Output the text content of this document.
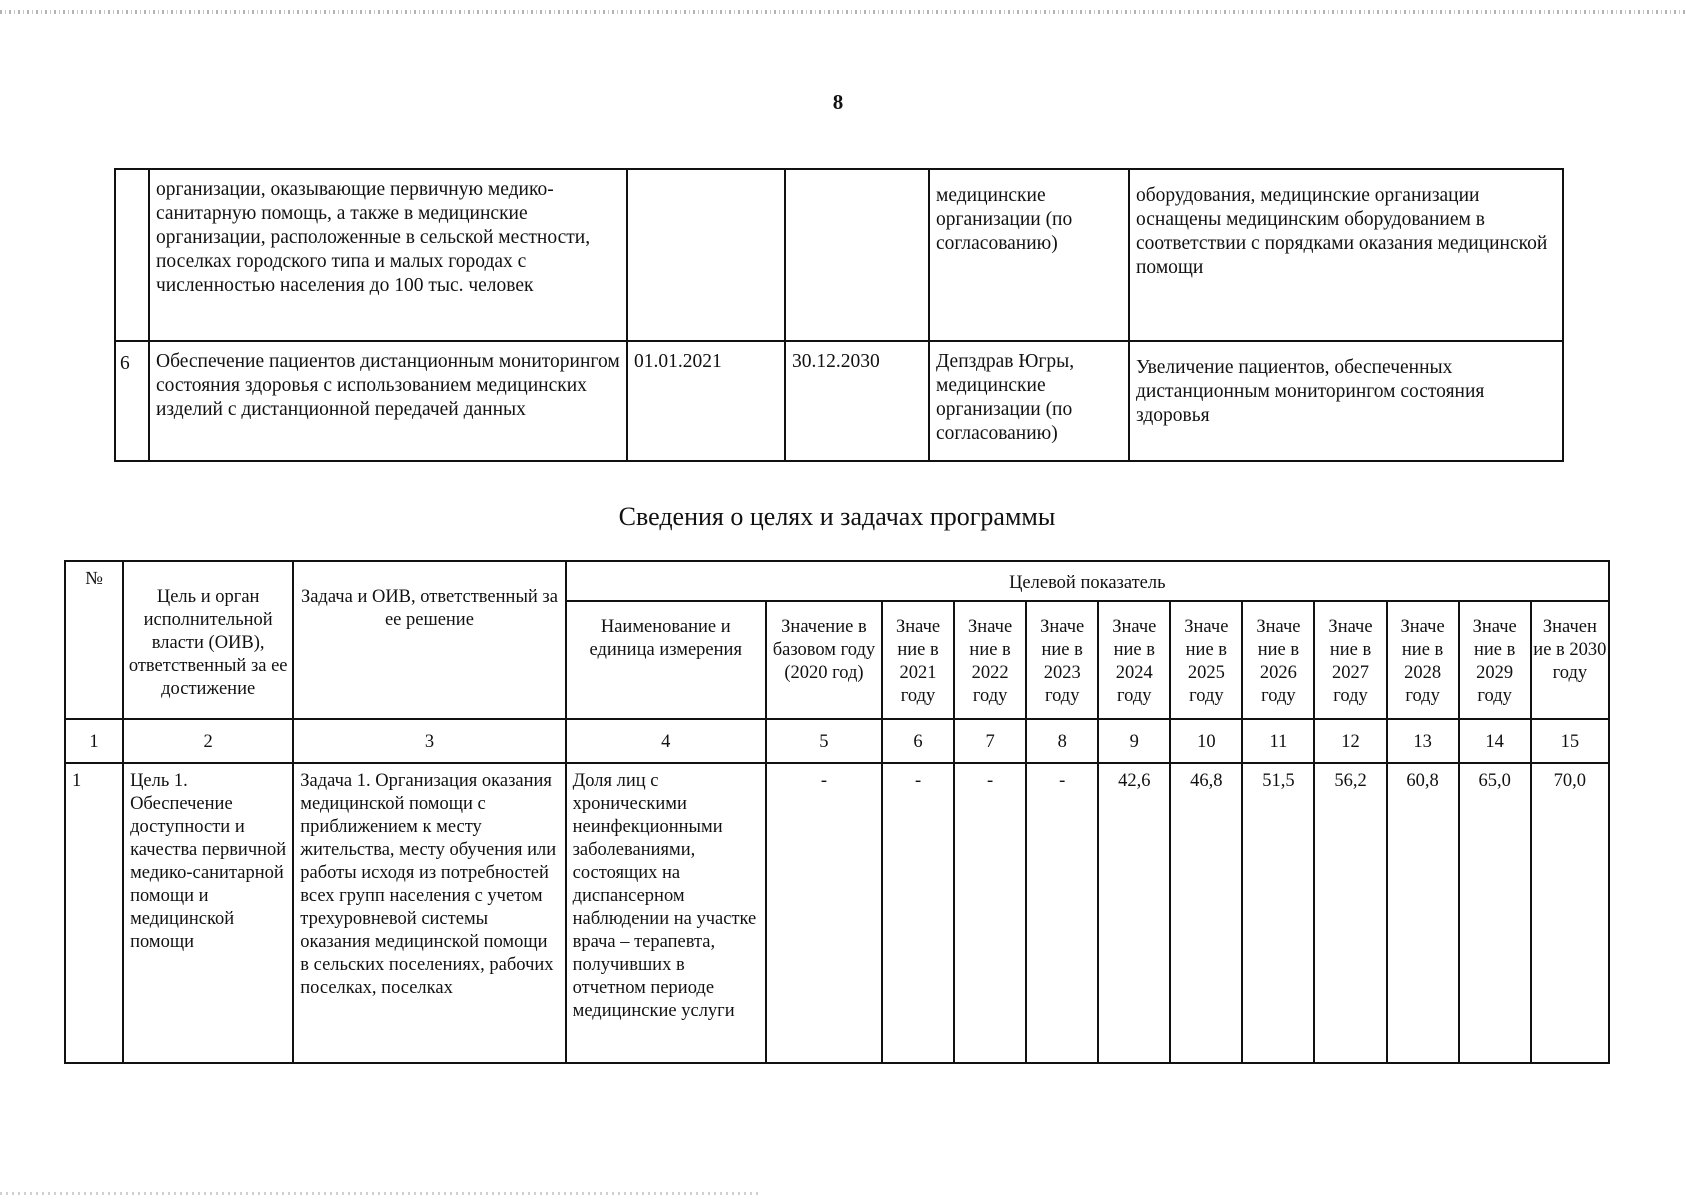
8
	организации, оказывающие первичную медико-санитарную помощь, а также в медицинские организации, расположенные в сельской местности, поселках городского типа и малых городах с численностью населения до 100 тыс. человек			медицинские организации (по согласованию)	оборудования, медицинские организации оснащены медицинским оборудованием в соответствии с порядками оказания медицинской помощи
6	Обеспечение пациентов дистанционным мониторингом состояния здоровья с использованием медицинских изделий с дистанционной передачей данных	01.01.2021	30.12.2030	Депздрав Югры, медицинские организации (по согласованию)	Увеличение пациентов, обеспеченных дистанционным мониторингом состояния здоровья
Сведения о целях и задачах программы
№	Цель и орган исполнительной власти (ОИВ), ответственный за ее достижение	Задача и ОИВ, ответственный за ее решение	Целевой показатель											
			Наименование и единица измерения	Значение в базовом году (2020 год)	Значе ние в 2021 году	Значе ние в 2022 году	Значе ние в 2023 году	Значе ние в 2024 году	Значе ние в 2025 году	Значе ние в 2026 году	Значе ние в 2027 году	Значе ние в 2028 году	Значе ние в 2029 году	Значен ие в 2030 году
1	2	3	4	5	6	7	8	9	10	11	12	13	14	15
1	Цель 1. Обеспечение доступности и качества первичной медико-санитарной помощи и медицинской помощи	Задача 1. Организация оказания медицинской помощи с приближением к месту жительства, месту обучения или работы исходя из потребностей всех групп населения с учетом трехуровневой системы оказания медицинской помощи в сельских поселениях, рабочих поселках, поселках	Доля лиц с хроническими неинфекционными заболеваниями, состоящих на диспансерном наблюдении на участке врача – терапевта, получивших в отчетном периоде медицинские услуги	-	-	-	-	42,6	46,8	51,5	56,2	60,8	65,0	70,0
